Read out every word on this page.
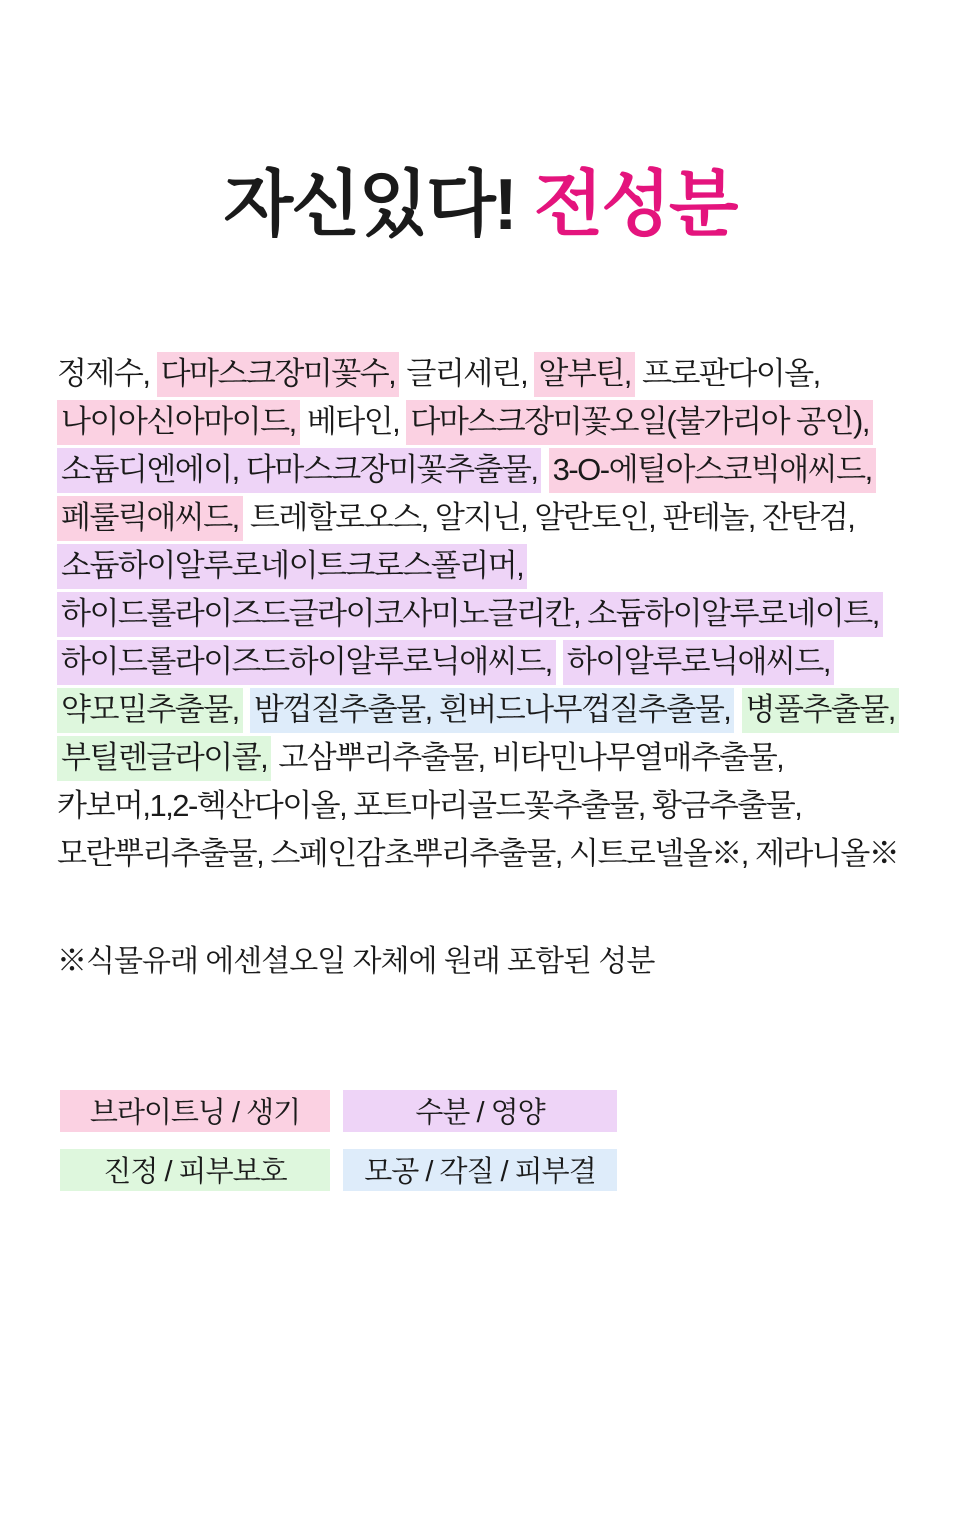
자신있다! 전성분
정제수, 다마스크장미꽃수, 글리세린, 알부틴, 프로판다이올,
나이아신아마이드, 베타인, 다마스크장미꽃오일(불가리아 공인),
소듐디엔에이, 다마스크장미꽃추출물, 3-O-에틸아스코빅애씨드,
페룰릭애씨드, 트레할로오스, 알지닌, 알란토인, 판테놀, 잔탄검,
소듐하이알루로네이트크로스폴리머,
하이드롤라이즈드글라이코사미노글리칸, 소듐하이알루로네이트,
하이드롤라이즈드하이알루로닉애씨드, 하이알루로닉애씨드,
약모밀추출물, 밤껍질추출물, 흰버드나무껍질추출물, 병풀추출물,
부틸렌글라이콜, 고삼뿌리추출물, 비타민나무열매추출물,
카보머,1,2-헥산다이올, 포트마리골드꽃추출물, 황금추출물,
모란뿌리추출물, 스페인감초뿌리추출물, 시트로넬올※, 제라니올※

※식물유래 에센셜오일 자체에 원래 포함된 성분

브라이트닝 / 생기	수분 / 영양
진정 / 피부보호	모공 / 각질 / 피부결
